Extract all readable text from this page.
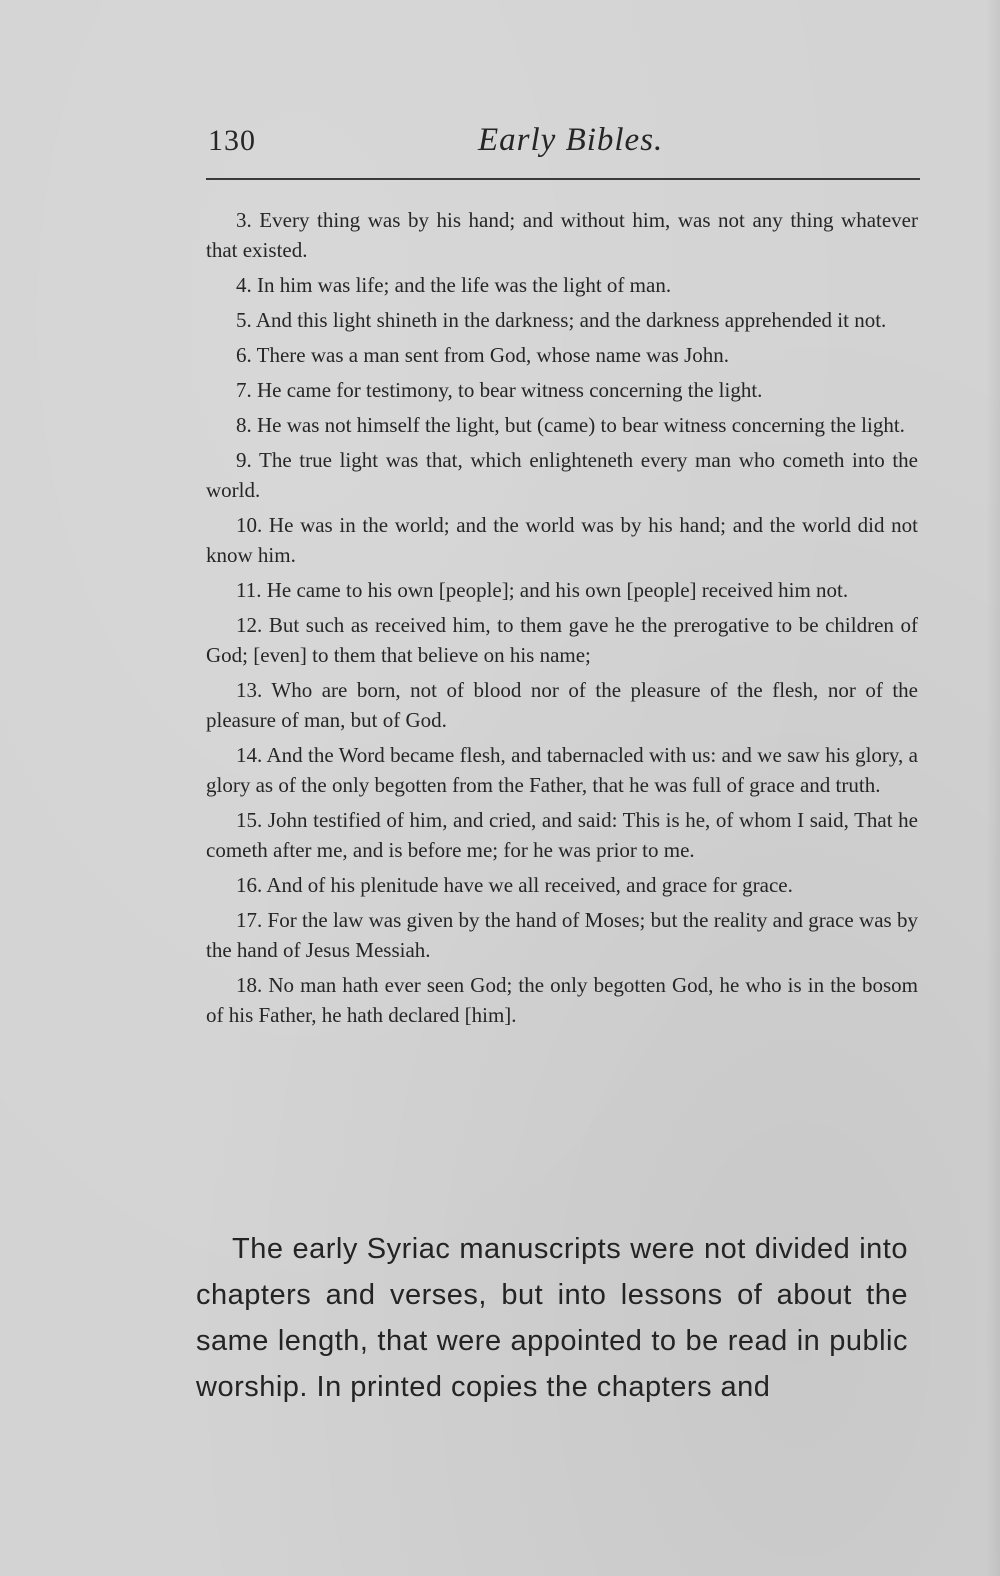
130	Early Bibles.

3. Every thing was by his hand; and without him, was not any thing whatever that existed.

4. In him was life; and the life was the light of man.

5. And this light shineth in the darkness; and the darkness apprehended it not.

6. There was a man sent from God, whose name was John.

7. He came for testimony, to bear witness concerning the light.

8. He was not himself the light, but (came) to bear witness concerning the light.

9. The true light was that, which enlighteneth every man who cometh into the world.

10. He was in the world; and the world was by his hand; and the world did not know him.

11. He came to his own [people]; and his own [people] received him not.

12. But such as received him, to them gave he the prerogative to be children of God; [even] to them that believe on his name;

13. Who are born, not of blood nor of the pleasure of the flesh, nor of the pleasure of man, but of God.

14. And the Word became flesh, and tabernacled with us: and we saw his glory, a glory as of the only begotten from the Father, that he was full of grace and truth.

15. John testified of him, and cried, and said: This is he, of whom I said, That he cometh after me, and is before me; for he was prior to me.

16. And of his plenitude have we all received, and grace for grace.

17. For the law was given by the hand of Moses; but the reality and grace was by the hand of Jesus Messiah.

18. No man hath ever seen God; the only begotten God, he who is in the bosom of his Father, he hath declared [him].

The early Syriac manuscripts were not divided into chapters and verses, but into lessons of about the same length, that were appointed to be read in public worship. In printed copies the chapters and
